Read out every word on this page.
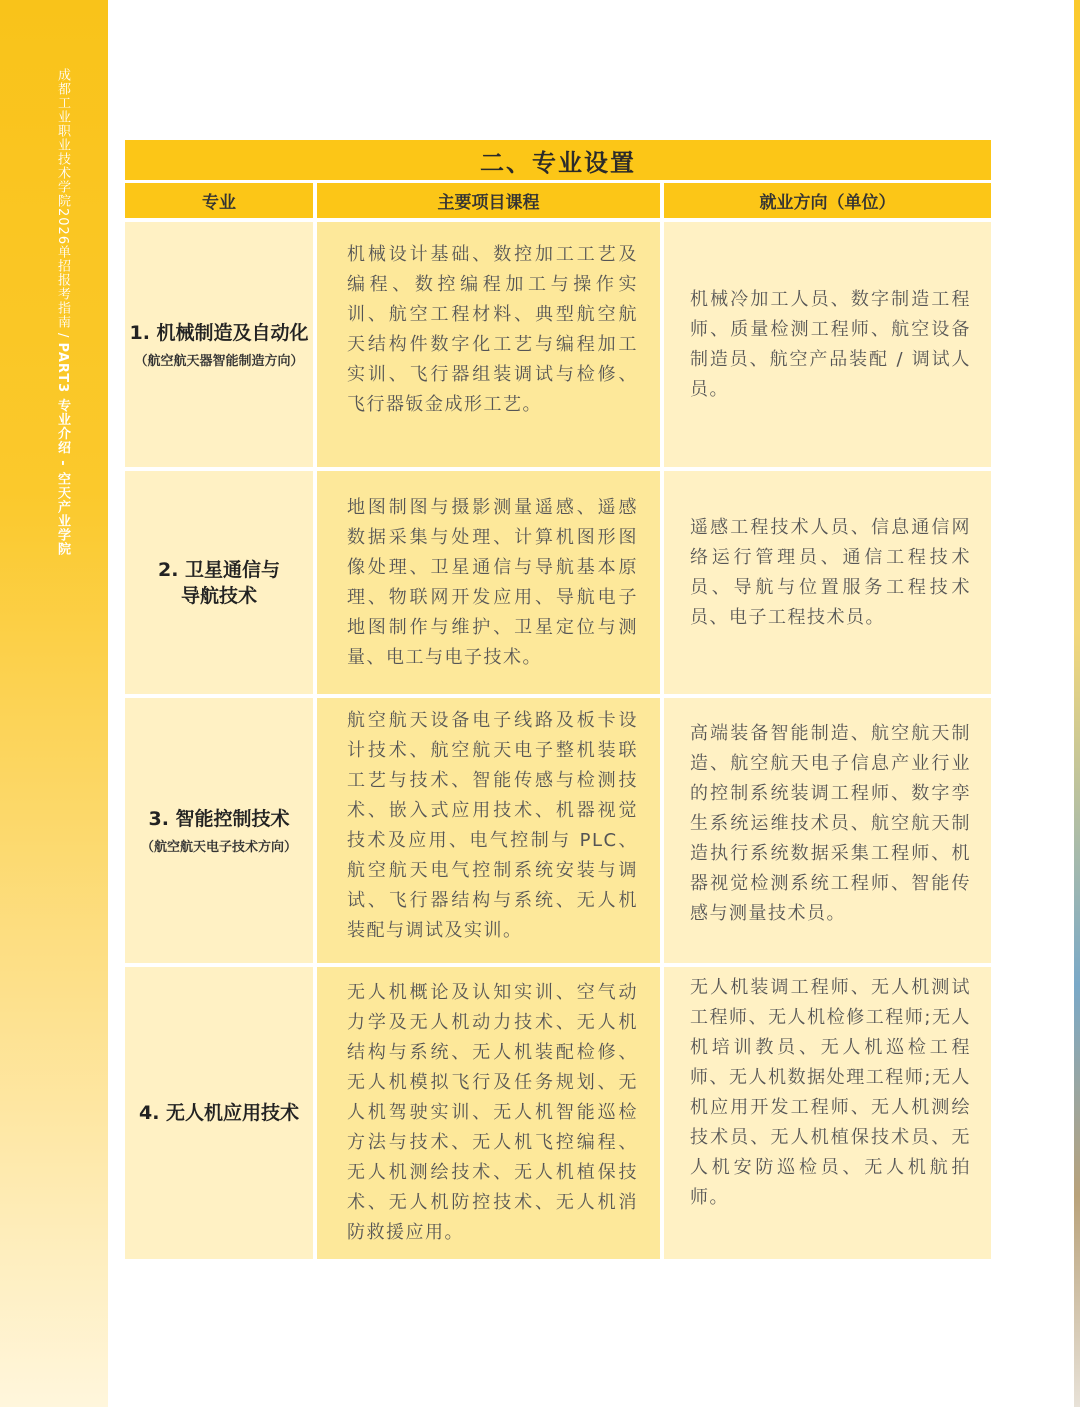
成都工业职业技术学院2026单招报考指南/PART3 专业介绍 - 空天产业学院
二、专业设置
专业	主要项目课程	就业方向（单位）

1. 机械制造及自动化
（航空航天器智能制造方向）	机械设计基础、数控加工工艺及编程、数控编程加工与操作实训、航空工程材料、典型航空航天结构件数字化工艺与编程加工实训、飞行器组装调试与检修、飞行器钣金成形工艺。	机械冷加工人员、数字制造工程师、质量检测工程师、航空设备制造员、航空产品装配 / 调试人员。

2. 卫星通信与导航技术	地图制图与摄影测量遥感、遥感数据采集与处理、计算机图形图像处理、卫星通信与导航基本原理、物联网开发应用、导航电子地图制作与维护、卫星定位与测量、电工与电子技术。	遥感工程技术人员、信息通信网络运行管理员、通信工程技术员、导航与位置服务工程技术员、电子工程技术员。

3. 智能控制技术
（航空航天电子技术方向）	航空航天设备电子线路及板卡设计技术、航空航天电子整机装联工艺与技术、智能传感与检测技术、嵌入式应用技术、机器视觉技术及应用、电气控制与 PLC、航空航天电气控制系统安装与调试、飞行器结构与系统、无人机装配与调试及实训。	高端装备智能制造、航空航天制造、航空航天电子信息产业行业的控制系统装调工程师、数字孪生系统运维技术员、航空航天制造执行系统数据采集工程师、机器视觉检测系统工程师、智能传感与测量技术员。

4. 无人机应用技术	无人机概论及认知实训、空气动力学及无人机动力技术、无人机结构与系统、无人机装配检修、无人机模拟飞行及任务规划、无人机驾驶实训、无人机智能巡检方法与技术、无人机飞控编程、无人机测绘技术、无人机植保技术、无人机防控技术、无人机消防救援应用。	无人机装调工程师、无人机测试工程师、无人机检修工程师;无人机培训教员、无人机巡检工程师、无人机数据处理工程师;无人机应用开发工程师、无人机测绘技术员、无人机植保技术员、无人机安防巡检员、无人机航拍师。
